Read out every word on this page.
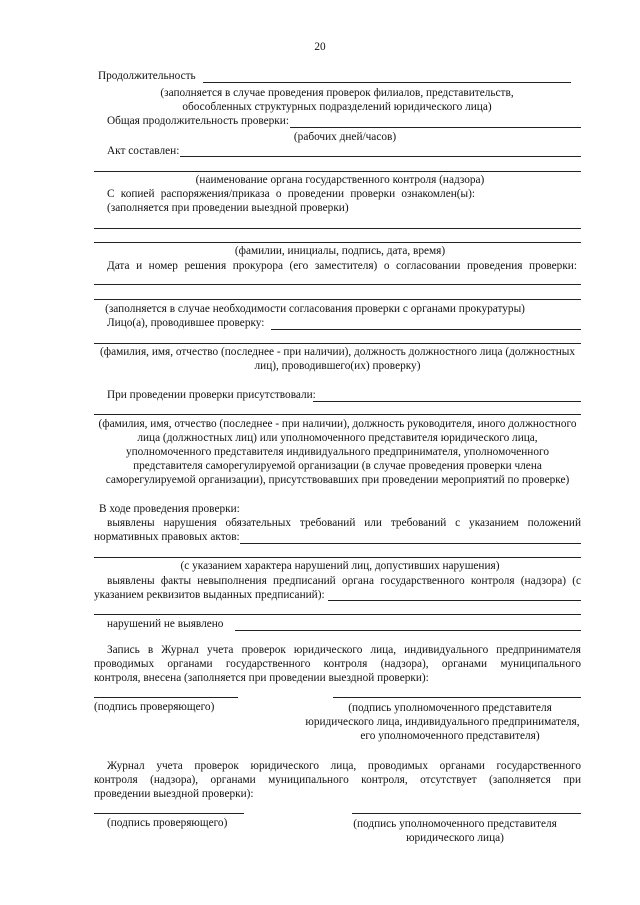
20
Продолжительность
(заполняется в случае проведения проверок филиалов, представительств,
обособленных структурных подразделений юридического лица)
Общая продолжительность проверки:
(рабочих дней/часов)
Акт составлен:
(наименование органа государственного контроля (надзора)
С копией распоряжения/приказа о проведении проверки ознакомлен(ы):
(заполняется при проведении выездной проверки)
(фамилии, инициалы, подпись, дата, время)
Дата и номер решения прокурора (его заместителя) о согласовании проведения проверки:
(заполняется в случае необходимости согласования проверки с органами прокуратуры)
Лицо(а), проводившее проверку:
(фамилия, имя, отчество (последнее - при наличии), должность должностного лица (должностных
лиц), проводившего(их) проверку)
При проведении проверки присутствовали:
(фамилия, имя, отчество (последнее - при наличии), должность руководителя, иного должностного
лица (должностных лиц) или уполномоченного представителя юридического лица,
уполномоченного представителя индивидуального предпринимателя, уполномоченного
представителя саморегулируемой организации (в случае проведения проверки члена
саморегулируемой организации), присутствовавших при проведении мероприятий по проверке)
В ходе проведения проверки:
выявлены нарушения обязательных требований или требований с указанием положений
нормативных правовых актов:
(с указанием характера нарушений лиц, допустивших нарушения)
выявлены факты невыполнения предписаний органа государственного контроля (надзора) (с
указанием реквизитов выданных предписаний):
нарушений не выявлено
Запись в Журнал учета проверок юридического лица, индивидуального предпринимателя
проводимых органами государственного контроля (надзора), органами муниципального
контроля, внесена (заполняется при проведении выездной проверки):
(подпись проверяющего)	(подпись уполномоченного представителя
юридического лица, индивидуального предпринимателя,
его уполномоченного представителя)
Журнал учета проверок юридического лица, проводимых органами государственного
контроля (надзора), органами муниципального контроля, отсутствует (заполняется при
проведении выездной проверки):
(подпись проверяющего)	(подпись уполномоченного представителя
юридического лица)
